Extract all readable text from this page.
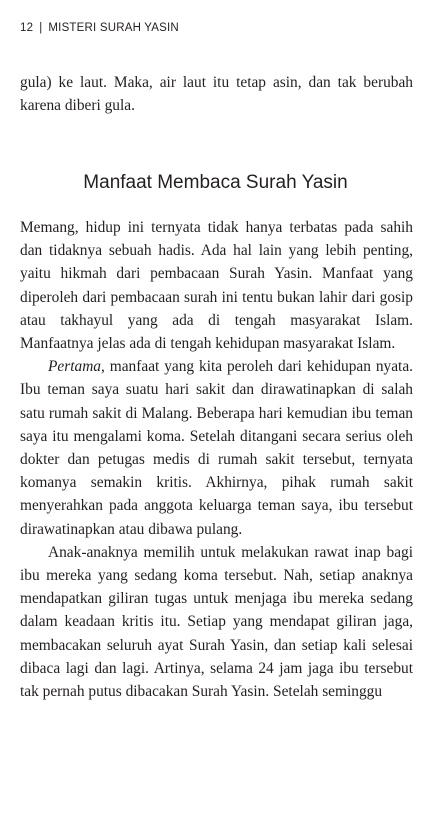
12 | MISTERI SURAH YASIN

gula) ke laut. Maka, air laut itu tetap asin, dan tak berubah karena diberi gula.

Manfaat Membaca Surah Yasin

Memang, hidup ini ternyata tidak hanya terbatas pada sahih dan tidaknya sebuah hadis. Ada hal lain yang lebih penting, yaitu hikmah dari pembacaan Surah Yasin. Manfaat yang diperoleh dari pembacaan surah ini tentu bukan lahir dari gosip atau takhayul yang ada di tengah masyarakat Islam. Manfaatnya jelas ada di tengah kehidupan masyarakat Islam.

Pertama, manfaat yang kita peroleh dari kehidupan nyata. Ibu teman saya suatu hari sakit dan dirawatinapkan di salah satu rumah sakit di Malang. Beberapa hari kemudian ibu teman saya itu mengalami koma. Setelah ditangani secara serius oleh dokter dan petugas medis di rumah sakit tersebut, ternyata komanya semakin kritis. Akhirnya, pihak rumah sakit menyerahkan pada anggota keluarga teman saya, ibu tersebut dirawatinapkan atau dibawa pulang.

Anak-anaknya memilih untuk melakukan rawat inap bagi ibu mereka yang sedang koma tersebut. Nah, setiap anaknya mendapatkan giliran tugas untuk menjaga ibu mereka sedang dalam keadaan kritis itu. Setiap yang mendapat giliran jaga, membacakan seluruh ayat Surah Yasin, dan setiap kali selesai dibaca lagi dan lagi. Artinya, selama 24 jam jaga ibu tersebut tak pernah putus dibacakan Surah Yasin. Setelah seminggu
